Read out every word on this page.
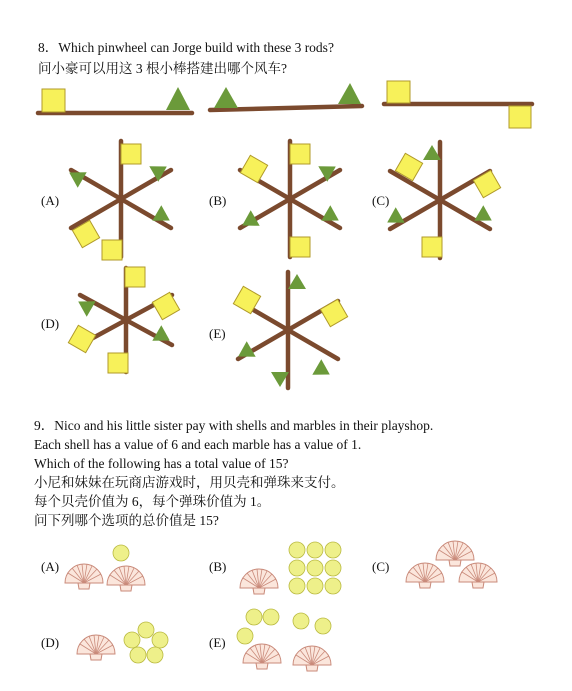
8．Which pinwheel can Jorge build with these 3 rods?

问小豪可以用这 3 根小棒搭建出哪个风车?

(A)	(B)	(C)
(D)
(E)

9．Nico and his little sister pay with shells and marbles in their playshop.

Each shell has a value of 6 and each marble has a value of 1.

Which of the following has a total value of 15?

小尼和妹妹在玩商店游戏时，用贝壳和弹珠来支付。

每个贝壳价值为 6，每个弹珠价值为 1。

问下列哪个选项的总价值是 15?

(A)	(B)	(C)
(D)	(E)
